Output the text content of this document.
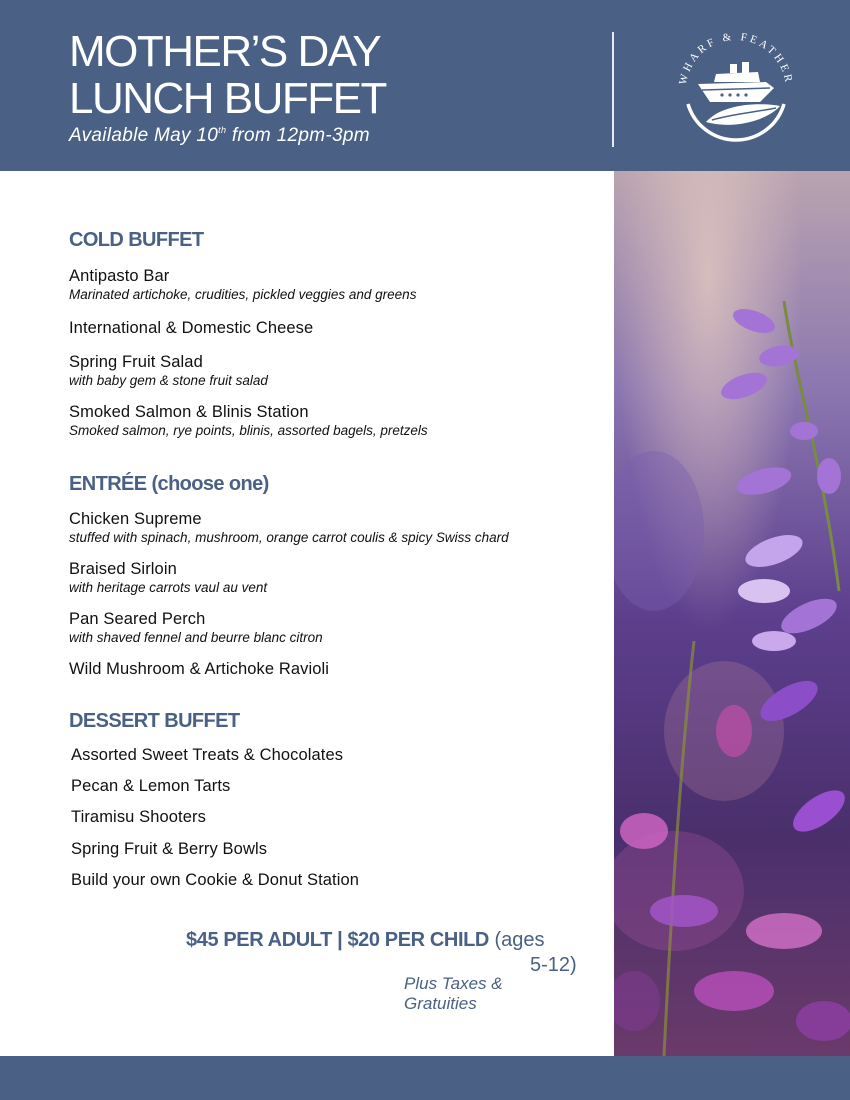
MOTHER’S DAY
LUNCH BUFFET
Available May 10th from 12pm-3pm
WHARF & FEATHER
COLD BUFFET
Antipasto Bar
Marinated artichoke, crudities, pickled veggies and greens
International & Domestic Cheese
Spring Fruit Salad
with baby gem & stone fruit salad
Smoked Salmon & Blinis Station
Smoked salmon, rye points, blinis, assorted bagels, pretzels
ENTRÉE (choose one)
Chicken Supreme
stuffed with spinach, mushroom, orange carrot coulis & spicy Swiss chard
Braised Sirloin
with heritage carrots vaul au vent
Pan Seared Perch
with shaved fennel and beurre blanc citron
Wild Mushroom & Artichoke Ravioli
DESSERT BUFFET
Assorted Sweet Treats & Chocolates
Pecan & Lemon Tarts
Tiramisu Shooters
Spring Fruit & Berry Bowls
Build your own Cookie & Donut Station
$45 PER ADULT | $20 PER CHILD (ages
5-12)
Plus Taxes & Gratuities
